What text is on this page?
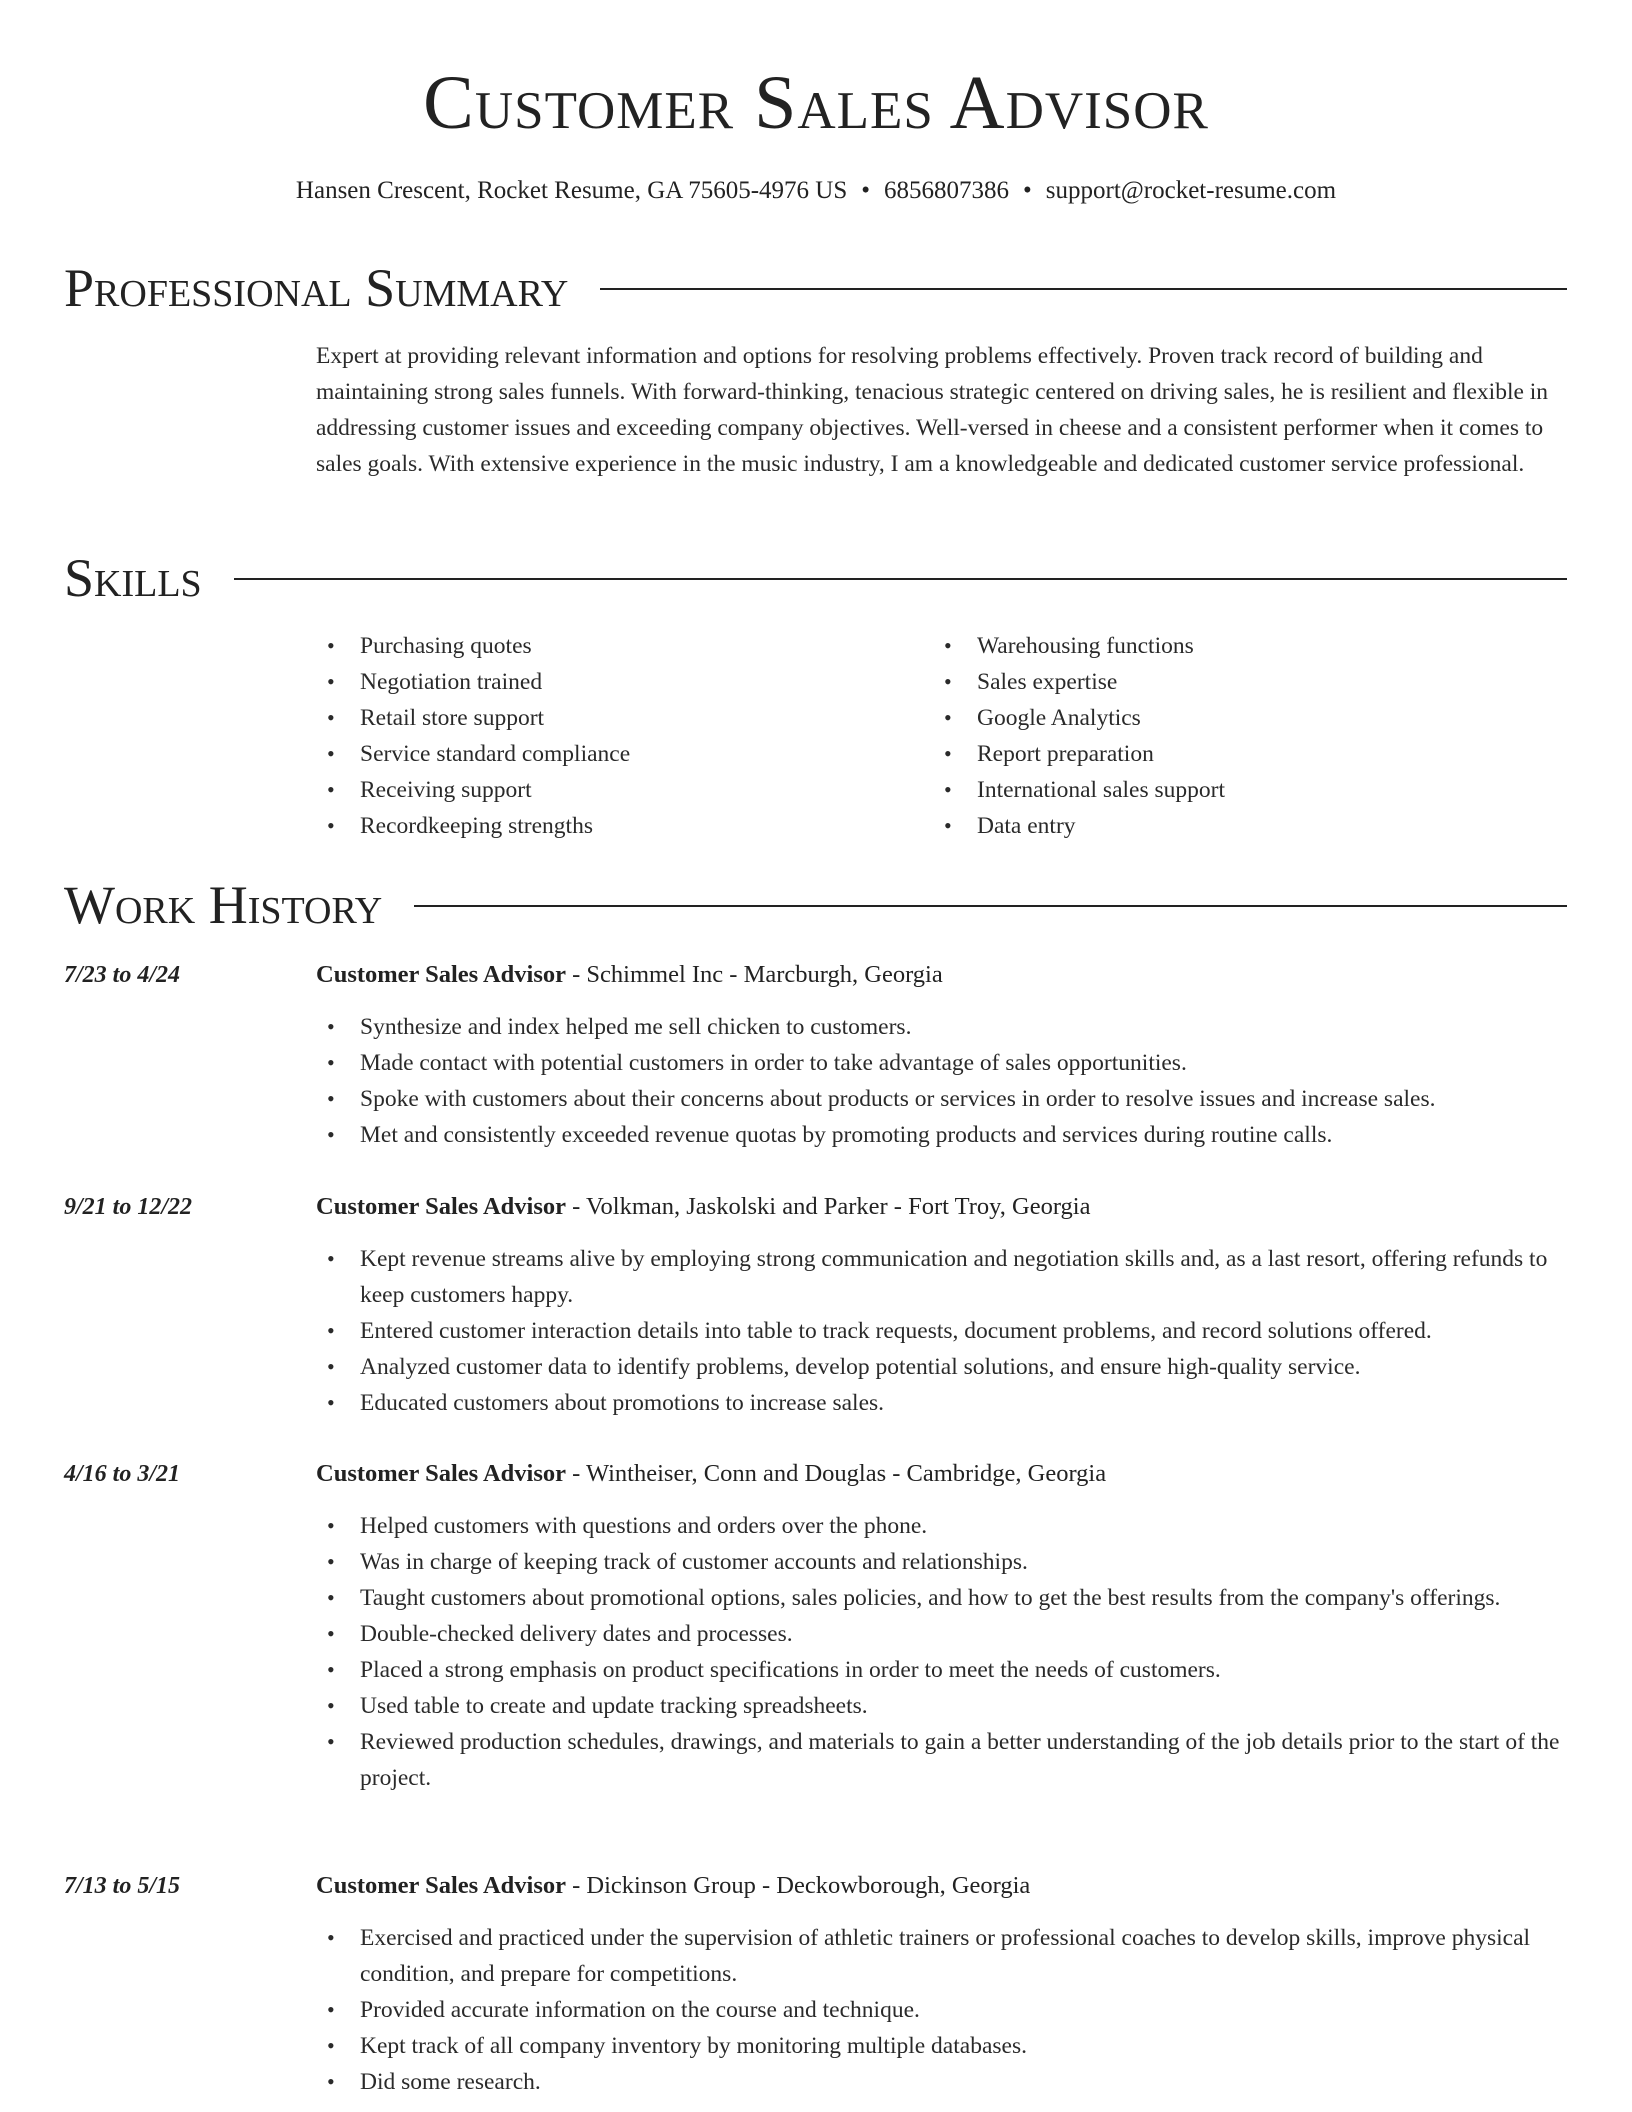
Customer Sales Advisor
Hansen Crescent, Rocket Resume, GA 75605-4976 US • 6856807386 • support@rocket-resume.com
Professional Summary

Expert at providing relevant information and options for resolving problems effectively. Proven track record of building and maintaining strong sales funnels. With forward-thinking, tenacious strategic centered on driving sales, he is resilient and flexible in addressing customer issues and exceeding company objectives. Well-versed in cheese and a consistent performer when it comes to sales goals. With extensive experience in the music industry, I am a knowledgeable and dedicated customer service professional.

Skills
• Purchasing quotes
• Negotiation trained
• Retail store support
• Service standard compliance
• Receiving support
• Recordkeeping strengths
• Warehousing functions
• Sales expertise
• Google Analytics
• Report preparation
• International sales support
• Data entry
Work History
7/23 to 4/24	Customer Sales Advisor - Schimmel Inc - Marcburgh, Georgia
• Synthesize and index helped me sell chicken to customers.
• Made contact with potential customers in order to take advantage of sales opportunities.
• Spoke with customers about their concerns about products or services in order to resolve issues and increase sales.
• Met and consistently exceeded revenue quotas by promoting products and services during routine calls.
9/21 to 12/22	Customer Sales Advisor - Volkman, Jaskolski and Parker - Fort Troy, Georgia
• Kept revenue streams alive by employing strong communication and negotiation skills and, as a last resort, offering refunds to keep customers happy.
• Entered customer interaction details into table to track requests, document problems, and record solutions offered.
• Analyzed customer data to identify problems, develop potential solutions, and ensure high-quality service.
• Educated customers about promotions to increase sales.
4/16 to 3/21	Customer Sales Advisor - Wintheiser, Conn and Douglas - Cambridge, Georgia
• Helped customers with questions and orders over the phone.
• Was in charge of keeping track of customer accounts and relationships.
• Taught customers about promotional options, sales policies, and how to get the best results from the company's offerings.
• Double-checked delivery dates and processes.
• Placed a strong emphasis on product specifications in order to meet the needs of customers.
• Used table to create and update tracking spreadsheets.
• Reviewed production schedules, drawings, and materials to gain a better understanding of the job details prior to the start of the project.
7/13 to 5/15	Customer Sales Advisor - Dickinson Group - Deckowborough, Georgia
• Exercised and practiced under the supervision of athletic trainers or professional coaches to develop skills, improve physical condition, and prepare for competitions.
• Provided accurate information on the course and technique.
• Kept track of all company inventory by monitoring multiple databases.
• Did some research.
